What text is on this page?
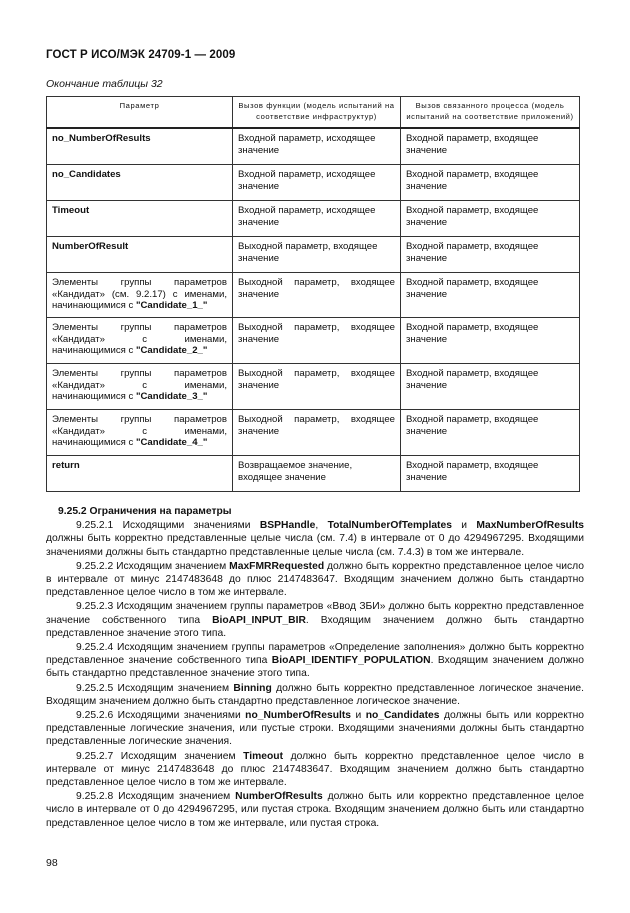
ГОСТ Р ИСО/МЭК 24709-1 — 2009
Окончание таблицы 32
Параметр	Вызов функции (модель испытаний на соответствие инфраструктур)	Вызов связанного процесса (модель испытаний на соответствие приложений)
no_NumberOfResults	Входной параметр, исходящее значение	Входной параметр, входящее значение
no_Candidates	Входной параметр, исходящее значение	Входной параметр, входящее значение
Timeout	Входной параметр, исходящее значение	Входной параметр, входящее значение
NumberOfResult	Выходной параметр, входящее значение	Входной параметр, входящее значение
Элементы группы параметров «Кандидат» (см. 9.2.17) с именами, начинающимися с "Candidate_1_"	Выходной параметр, входящее значение	Входной параметр, входящее значение
Элементы группы параметров «Кандидат» с именами, начинающимися с "Candidate_2_"	Выходной параметр, входящее значение	Входной параметр, входящее значение
Элементы группы параметров «Кандидат» с именами, начинающимися с "Candidate_3_"	Выходной параметр, входящее значение	Входной параметр, входящее значение
Элементы группы параметров «Кандидат» с именами, начинающимися с "Candidate_4_"	Выходной параметр, входящее значение	Входной параметр, входящее значение
return	Возвращаемое значение, входящее значение	Входной параметр, входящее значение
9.25.2 Ограничения на параметры

9.25.2.1 Исходящими значениями BSPHandle, TotalNumberOfTemplates и MaxNumberOfResults должны быть корректно представленные целые числа (см. 7.4) в интервале от 0 до 4294967295. Входящими значениями должны быть стандартно представленные целые числа (см. 7.4.3) в том же интервале.

9.25.2.2 Исходящим значением MaxFMRRequested должно быть корректно представленное целое число в интервале от минус 2147483648 до плюс 2147483647. Входящим значением должно быть стандартно представленное целое число в том же интервале.

9.25.2.3 Исходящим значением группы параметров «Ввод ЗБИ» должно быть корректно представленное значение собственного типа BioAPI_INPUT_BIR. Входящим значением должно быть стандартно представленное значение этого типа.

9.25.2.4 Исходящим значением группы параметров «Определение заполнения» должно быть корректно представленное значение собственного типа BioAPI_IDENTIFY_POPULATION. Входящим значением должно быть стандартно представленное значение этого типа.

9.25.2.5 Исходящим значением Binning должно быть корректно представленное логическое значение. Входящим значением должно быть стандартно представленное логическое значение.

9.25.2.6 Исходящими значениями no_NumberOfResults и no_Candidates должны быть или корректно представленные логические значения, или пустые строки. Входящими значениями должны быть стандартно представленные логические значения.

9.25.2.7 Исходящим значением Timeout должно быть корректно представленное целое число в интервале от минус 2147483648 до плюс 2147483647. Входящим значением должно быть стандартно представленное целое число в том же интервале.

9.25.2.8 Исходящим значением NumberOfResults должно быть или корректно представленное целое число в интервале от 0 до 4294967295, или пустая строка. Входящим значением должно быть или стандартно представленное целое число в том же интервале, или пустая строка.

98
